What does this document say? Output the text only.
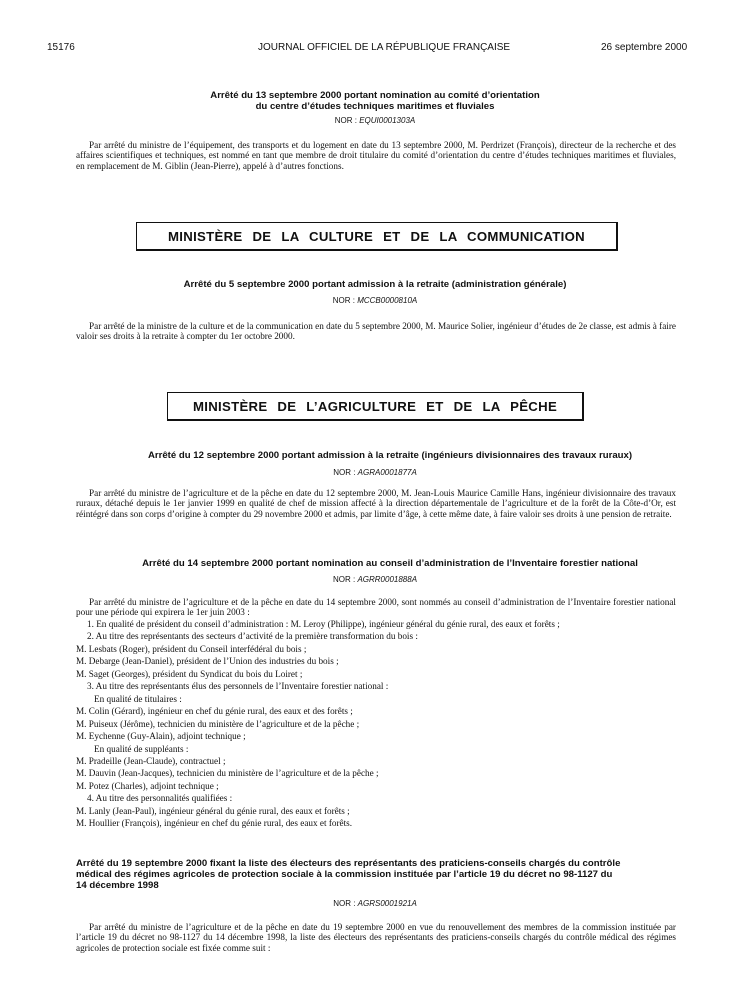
15176	JOURNAL OFFICIEL DE LA RÉPUBLIQUE FRANÇAISE	26 septembre 2000
Arrêté du 13 septembre 2000 portant nomination au comité d’orientation
du centre d’études techniques maritimes et fluviales
NOR : EQUI0001303A

Par arrêté du ministre de l’équipement, des transports et du logement en date du 13 septembre 2000, M. Perdrizet (François), directeur de la recherche et des affaires scientifiques et techniques, est nommé en tant que membre de droit titulaire du comité d’orientation du centre d’études techniques maritimes et fluviales, en remplacement de M. Giblin (Jean-Pierre), appelé à d’autres fonctions.

MINISTÈRE DE LA CULTURE ET DE LA COMMUNICATION
Arrêté du 5 septembre 2000 portant admission à la retraite (administration générale)
NOR : MCCB0000810A

Par arrêté de la ministre de la culture et de la communication en date du 5 septembre 2000, M. Maurice Solier, ingénieur d’études de 2e classe, est admis à faire valoir ses droits à la retraite à compter du 1er octobre 2000.

MINISTÈRE DE L’AGRICULTURE ET DE LA PÊCHE
Arrêté du 12 septembre 2000 portant admission à la retraite (ingénieurs divisionnaires des travaux ruraux)
NOR : AGRA0001877A

Par arrêté du ministre de l’agriculture et de la pêche en date du 12 septembre 2000, M. Jean-Louis Maurice Camille Hans, ingénieur divisionnaire des travaux ruraux, détaché depuis le 1er janvier 1999 en qualité de chef de mission affecté à la direction départementale de l’agriculture et de la forêt de la Côte-d’Or, est réintégré dans son corps d’origine à compter du 29 novembre 2000 et admis, par limite d’âge, à cette même date, à faire valoir ses droits à une pension de retraite.

Arrêté du 14 septembre 2000 portant nomination au conseil d’administration de l’Inventaire forestier national
NOR : AGRR0001888A

Par arrêté du ministre de l’agriculture et de la pêche en date du 14 septembre 2000, sont nommés au conseil d’administration de l’Inventaire forestier national pour une période qui expirera le 1er juin 2003 :

1. En qualité de président du conseil d’administration : M. Leroy (Philippe), ingénieur général du génie rural, des eaux et forêts ;
2. Au titre des représentants des secteurs d’activité de la première transformation du bois :
M. Lesbats (Roger), président du Conseil interfédéral du bois ;
M. Debarge (Jean-Daniel), président de l’Union des industries du bois ;
M. Saget (Georges), président du Syndicat du bois du Loiret ;
3. Au titre des représentants élus des personnels de l’Inventaire forestier national :
En qualité de titulaires :
M. Colin (Gérard), ingénieur en chef du génie rural, des eaux et des forêts ;
M. Puiseux (Jérôme), technicien du ministère de l’agriculture et de la pêche ;
M. Eychenne (Guy-Alain), adjoint technique ;
En qualité de suppléants :
M. Pradeille (Jean-Claude), contractuel ;
M. Dauvin (Jean-Jacques), technicien du ministère de l’agriculture et de la pêche ;
M. Potez (Charles), adjoint technique ;
4. Au titre des personnalités qualifiées :
M. Lanly (Jean-Paul), ingénieur général du génie rural, des eaux et forêts ;
M. Houllier (François), ingénieur en chef du génie rural, des eaux et forêts.
Arrêté du 19 septembre 2000 fixant la liste des électeurs des représentants des praticiens-conseils chargés du contrôle
médical des régimes agricoles de protection sociale à la commission instituée par l’article 19 du décret no 98-1127 du
14 décembre 1998
NOR : AGRS0001921A

Par arrêté du ministre de l’agriculture et de la pêche en date du 19 septembre 2000 en vue du renouvellement des membres de la commission instituée par l’article 19 du décret no 98-1127 du 14 décembre 1998, la liste des électeurs des représentants des praticiens-conseils chargés du contrôle médical des régimes agricoles de protection sociale est fixée comme suit :
